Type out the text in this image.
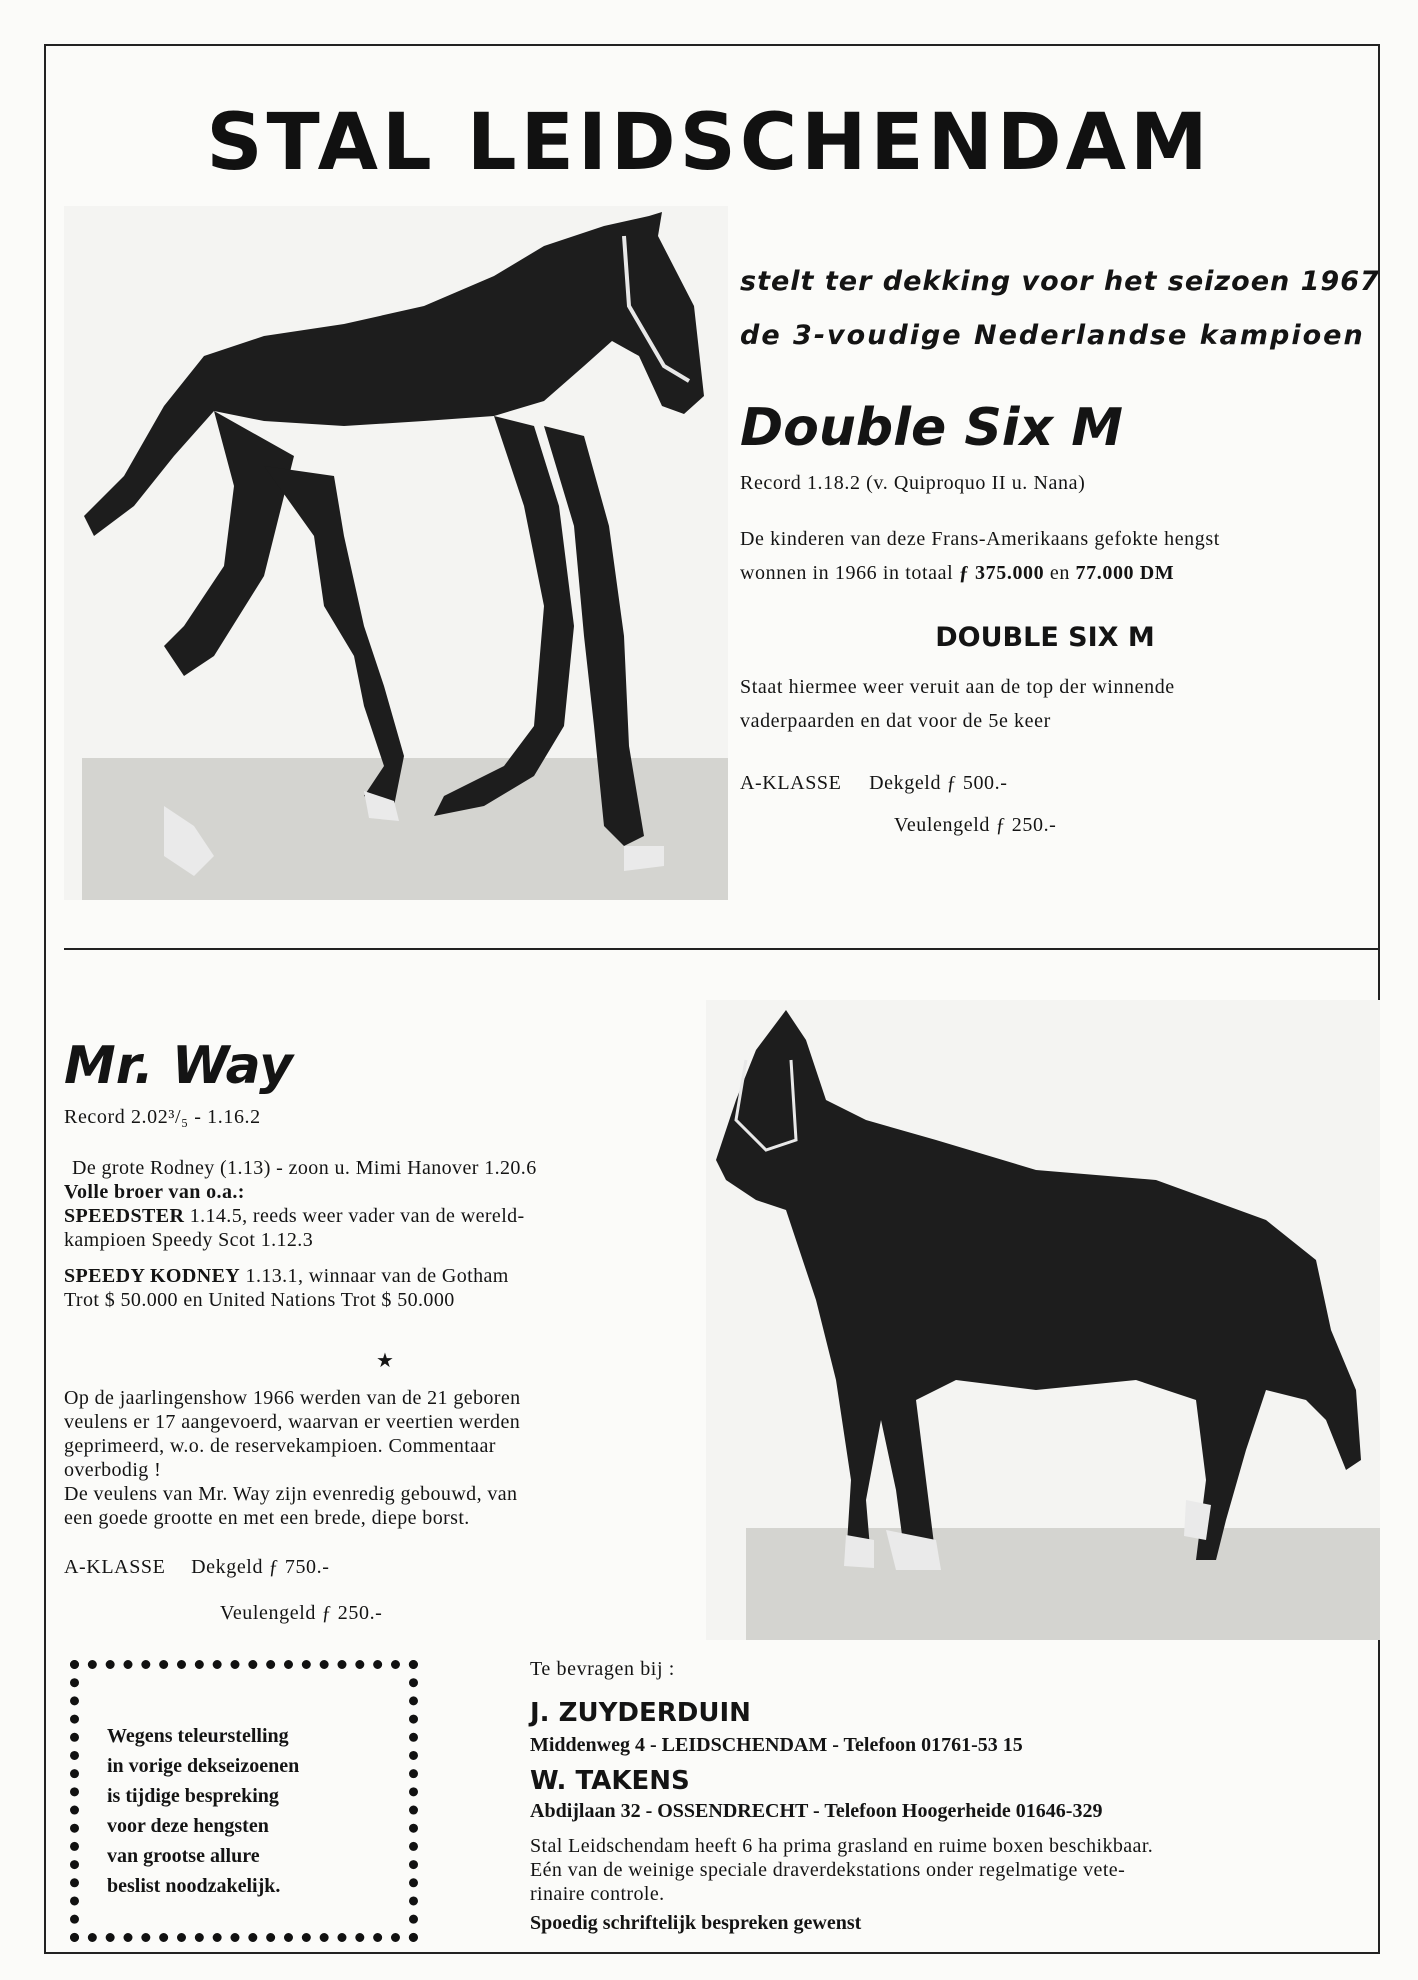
STAL LEIDSCHENDAM
stelt ter dekking voor het seizoen 1967
de 3-voudige Nederlandse kampioen
Double Six M
Record 1.18.2 (v. Quiproquo II u. Nana)
De kinderen van deze Frans-Amerikaans gefokte hengst
wonnen in 1966 in totaal ƒ 375.000 en 77.000 DM
DOUBLE SIX M
Staat hiermee weer veruit aan de top der winnende
vaderpaarden en dat voor de 5e keer
A-KLASSE Dekgeld ƒ 500.-
Veulengeld ƒ 250.-
Mr. Way
Record 2.02³/₅ - 1.16.2
De grote Rodney (1.13) - zoon u. Mimi Hanover 1.20.6
Volle broer van o.a.:
SPEEDSTER 1.14.5, reeds weer vader van de wereld-
kampioen Speedy Scot 1.12.3
SPEEDY KODNEY 1.13.1, winnaar van de Gotham
Trot $ 50.000 en United Nations Trot $ 50.000
★
Op de jaarlingenshow 1966 werden van de 21 geboren
veulens er 17 aangevoerd, waarvan er veertien werden
geprimeerd, w.o. de reservekampioen. Commentaar
overbodig !
De veulens van Mr. Way zijn evenredig gebouwd, van
een goede grootte en met een brede, diepe borst.
A-KLASSE Dekgeld ƒ 750.-
Veulengeld ƒ 250.-
Wegens teleurstelling
in vorige dekseizoenen
is tijdige bespreking
voor deze hengsten
van grootse allure
beslist noodzakelijk.
Te bevragen bij :
J. ZUYDERDUIN
Middenweg 4 - LEIDSCHENDAM - Telefoon 01761-53 15
W. TAKENS
Abdijlaan 32 - OSSENDRECHT - Telefoon Hoogerheide 01646-329
Stal Leidschendam heeft 6 ha prima grasland en ruime boxen beschikbaar.
Eén van de weinige speciale draverdekstations onder regelmatige vete-
rinaire controle.
Spoedig schriftelijk bespreken gewenst
